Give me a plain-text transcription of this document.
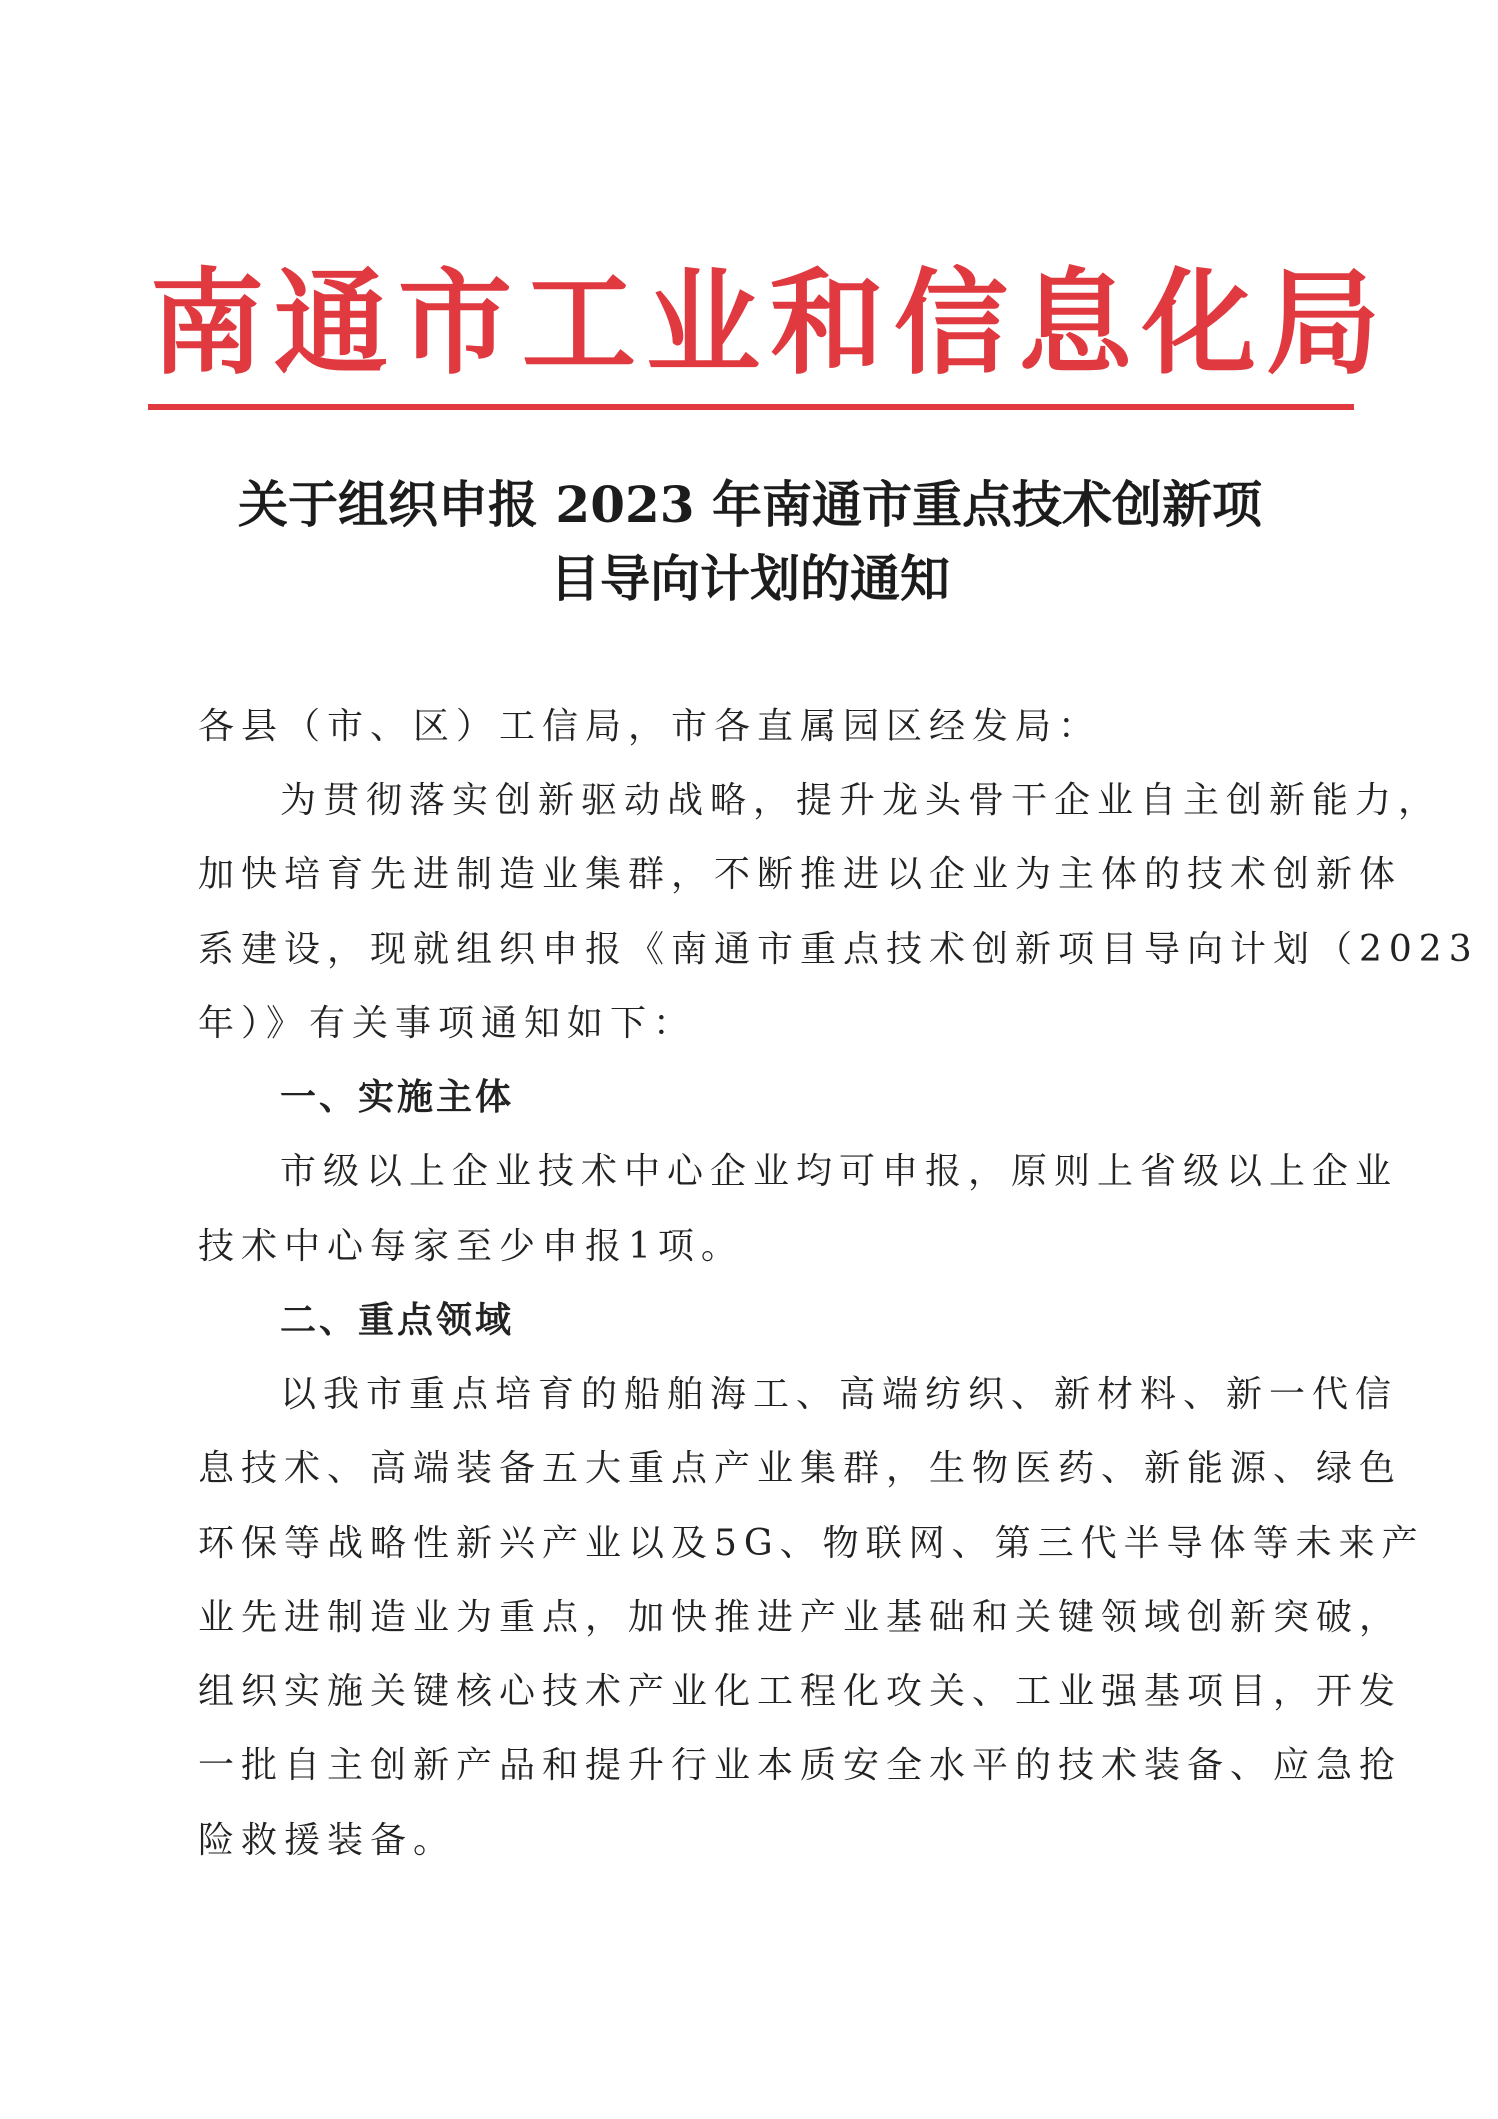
南通市工业和信息化局
关于组织申报 2023 年南通市重点技术创新项
目导向计划的通知
各县（市、区）工信局，市各直属园区经发局：
为贯彻落实创新驱动战略，提升龙头骨干企业自主创新能力，
加快培育先进制造业集群，不断推进以企业为主体的技术创新体
系建设，现就组织申报《南通市重点技术创新项目导向计划（2023
年）》有关事项通知如下：
一、实施主体
市级以上企业技术中心企业均可申报，原则上省级以上企业
技术中心每家至少申报1项。
二、重点领域
以我市重点培育的船舶海工、高端纺织、新材料、新一代信
息技术、高端装备五大重点产业集群，生物医药、新能源、绿色
环保等战略性新兴产业以及5G、物联网、第三代半导体等未来产
业先进制造业为重点，加快推进产业基础和关键领域创新突破，
组织实施关键核心技术产业化工程化攻关、工业强基项目，开发
一批自主创新产品和提升行业本质安全水平的技术装备、应急抢
险救援装备。
